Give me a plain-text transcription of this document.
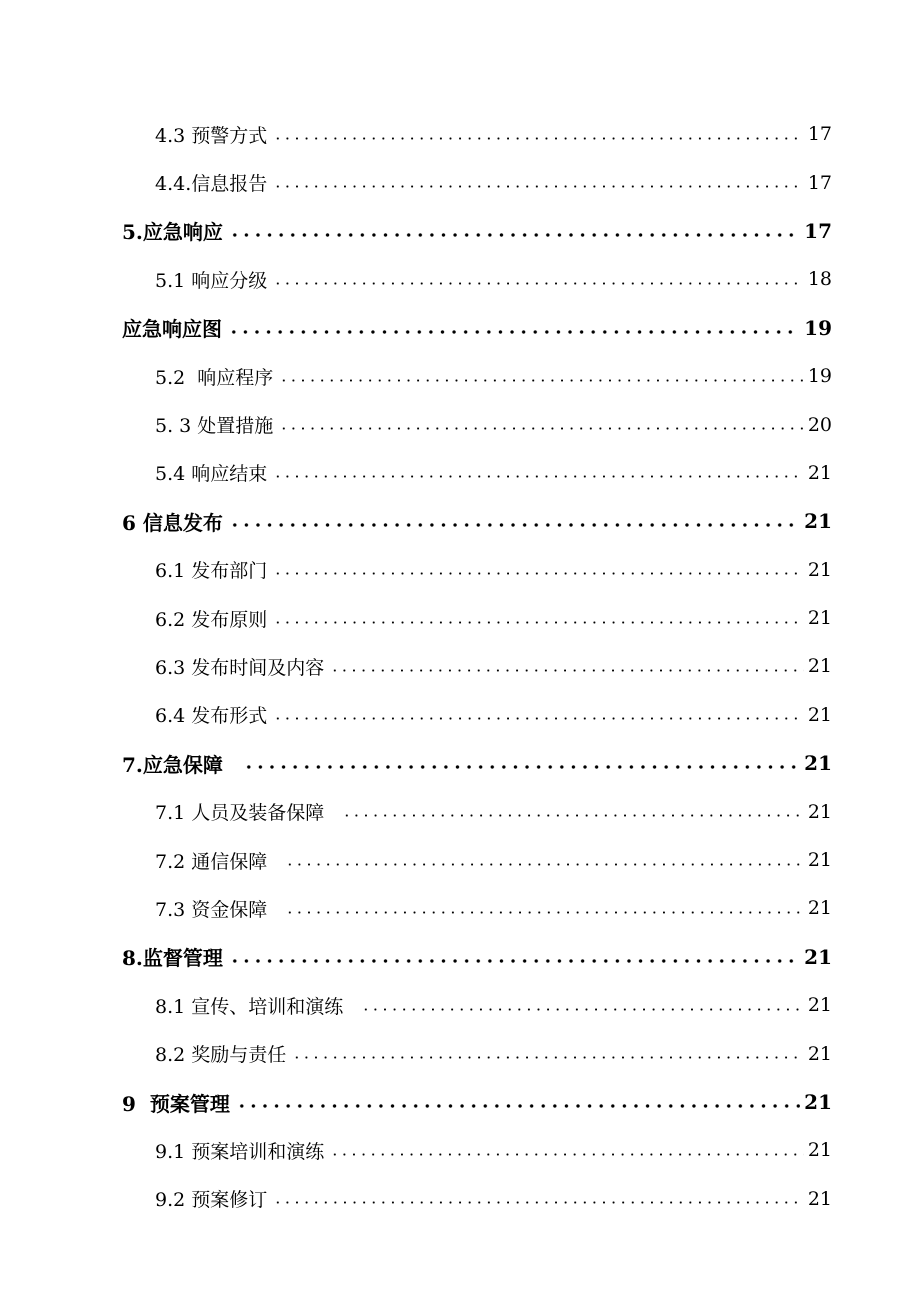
4.3 预警方式	17
4.4.信息报告	17
5.应急响应	17
5.1 响应分级	18
应急响应图	19
5.2  响应程序	19
5. 3 处置措施	20
5.4 响应结束	21
6 信息发布	21
6.1 发布部门	21
6.2 发布原则	21
6.3 发布时间及内容	21
6.4 发布形式	21
7.应急保障	21
7.1 人员及装备保障	21
7.2 通信保障	21
7.3 资金保障	21
8.监督管理	21
8.1 宣传、培训和演练	21
8.2 奖励与责任	21
9  预案管理	21
9.1 预案培训和演练	21
9.2 预案修订	21
